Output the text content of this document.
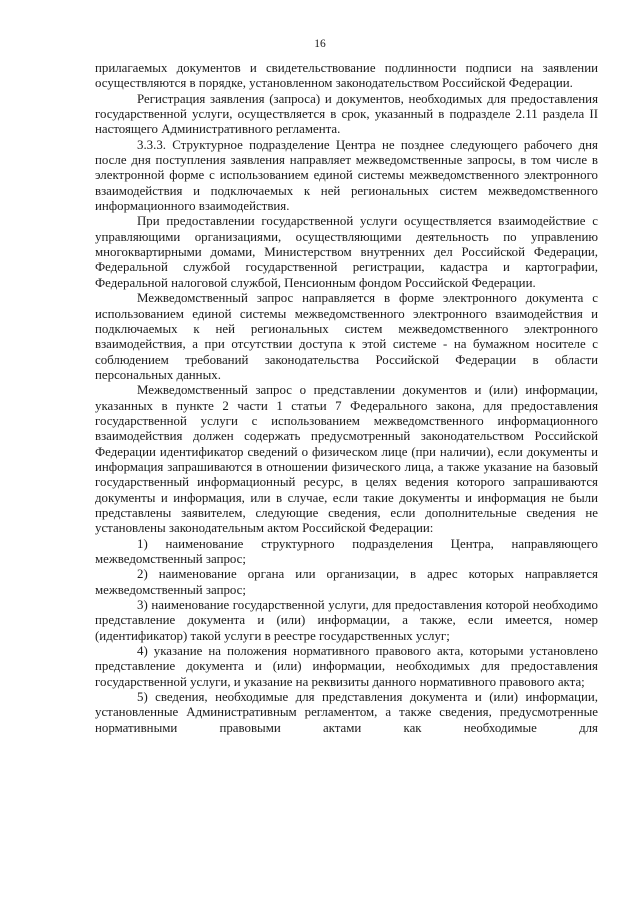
16

прилагаемых документов и свидетельствование подлинности подписи на заявлении осуществляются в порядке, установленном законодательством Российской Федерации.

Регистрация заявления (запроса) и документов, необходимых для предоставления государственной услуги, осуществляется в срок, указанный в подразделе 2.11 раздела II настоящего Административного регламента.

3.3.3. Структурное подразделение Центра не позднее следующего рабочего дня после дня поступления заявления направляет межведомственные запросы, в том числе в электронной форме с использованием единой системы межведомственного электронного взаимодействия и подключаемых к ней региональных систем межведомственного информационного взаимодействия.

При предоставлении государственной услуги осуществляется взаимодействие с управляющими организациями, осуществляющими деятельность по управлению многоквартирными домами, Министерством внутренних дел Российской Федерации, Федеральной службой государственной регистрации, кадастра и картографии, Федеральной налоговой службой, Пенсионным фондом Российской Федерации.

Межведомственный запрос направляется в форме электронного документа с использованием единой системы межведомственного электронного взаимодействия и подключаемых к ней региональных систем межведомственного электронного взаимодействия, а при отсутствии доступа к этой системе - на бумажном носителе с соблюдением требований законодательства Российской Федерации в области персональных данных.

Межведомственный запрос о представлении документов и (или) информации, указанных в пункте 2 части 1 статьи 7 Федерального закона, для предоставления государственной услуги с использованием межведомственного информационного взаимодействия должен содержать предусмотренный законодательством Российской Федерации идентификатор сведений о физическом лице (при наличии), если документы и информация запрашиваются в отношении физического лица, а также указание на базовый государственный информационный ресурс, в целях ведения которого запрашиваются документы и информация, или в случае, если такие документы и информация не были представлены заявителем, следующие сведения, если дополнительные сведения не установлены законодательным актом Российской Федерации:

1) наименование структурного подразделения Центра, направляющего межведомственный запрос;

2) наименование органа или организации, в адрес которых направляется межведомственный запрос;

3) наименование государственной услуги, для предоставления которой необходимо представление документа и (или) информации, а также, если имеется, номер (идентификатор) такой услуги в реестре государственных услуг;

4) указание на положения нормативного правового акта, которыми установлено представление документа и (или) информации, необходимых для предоставления государственной услуги, и указание на реквизиты данного нормативного правового акта;

5) сведения, необходимые для представления документа и (или) информации, установленные Административным регламентом, а также сведения, предусмотренные нормативными правовыми актами как необходимые для
